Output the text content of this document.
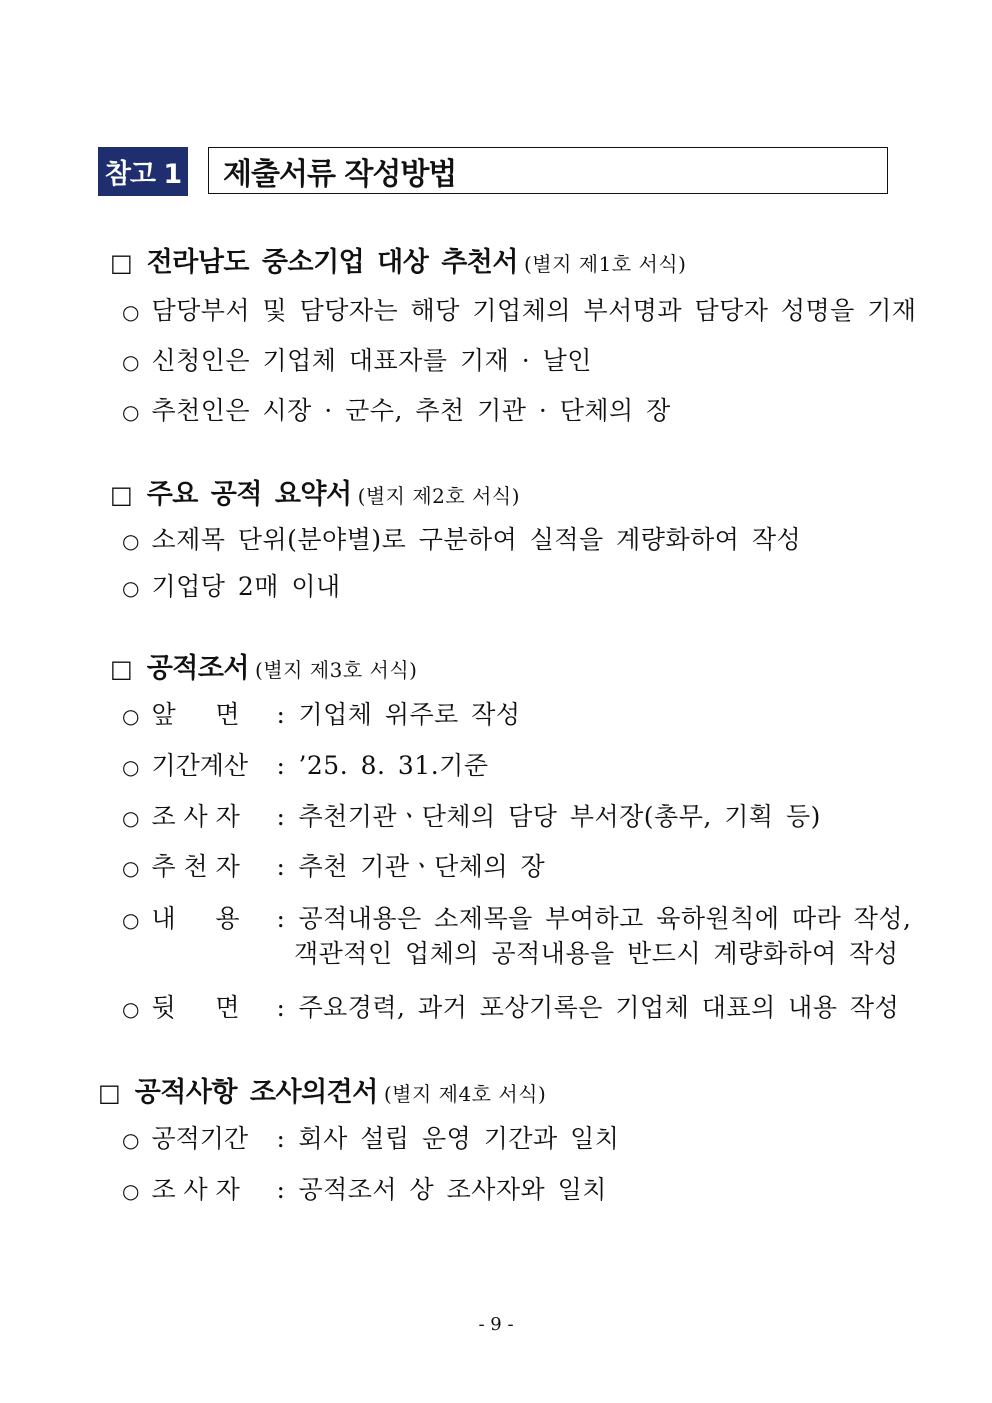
참고 1	제출서류 작성방법
□ 전라남도 중소기업 대상 추천서 (별지 제1호 서식)
○ 담당부서 및 담당자는 해당 기업체의 부서명과 담당자 성명을 기재
○ 신청인은 기업체 대표자를 기재 · 날인
○ 추천인은 시장 · 군수, 추천 기관 · 단체의 장
□ 주요 공적 요약서 (별지 제2호 서식)
○ 소제목 단위(분야별)로 구분하여 실적을 계량화하여 작성
○ 기업당 2매 이내
□ 공적조서 (별지 제3호 서식)
○ 앞     면	: 기업체 위주로 작성
○ 기간계산	: ’25. 8. 31.기준
○ 조 사 자	: 추천기관ㆍ단체의 담당 부서장(총무, 기획 등)
○ 추 천 자	: 추천 기관ㆍ단체의 장
○ 내     용	: 공적내용은 소제목을 부여하고 육하원칙에 따라 작성,
객관적인 업체의 공적내용을 반드시 계량화하여 작성
○ 뒷     면	: 주요경력, 과거 포상기록은 기업체 대표의 내용 작성
□ 공적사항 조사의견서 (별지 제4호 서식)
○ 공적기간	: 회사 설립 운영 기간과 일치
○ 조 사 자	: 공적조서 상 조사자와 일치
- 9 -
